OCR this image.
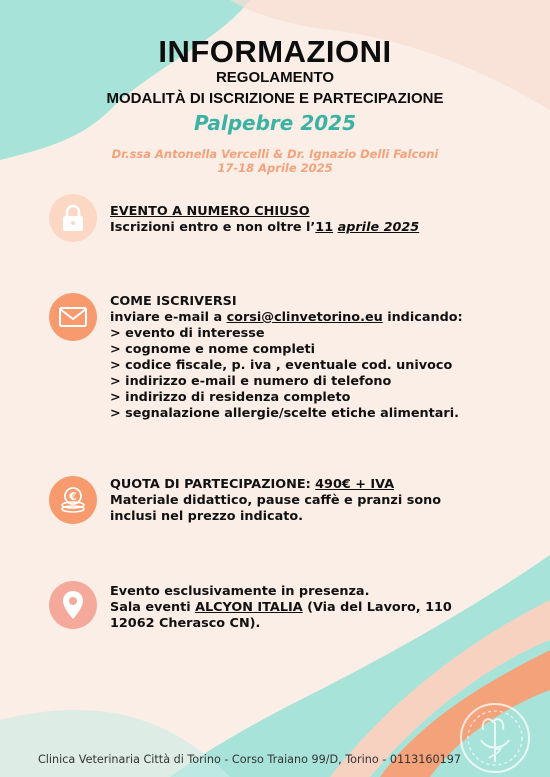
INFORMAZIONI
REGOLAMENTO
MODALITÀ DI ISCRIZIONE E PARTECIPAZIONE
Palpebre 2025
Dr.ssa Antonella Vercelli & Dr. Ignazio Delli Falconi
17-18 Aprile 2025
EVENTO A NUMERO CHIUSO
Iscrizioni entro e non oltre l’11 aprile 2025
COME ISCRIVERSI
inviare e-mail a corsi@clinvetorino.eu indicando:
> evento di interesse
> cognome e nome completi
> codice fiscale, p. iva , eventuale cod. univoco
> indirizzo e-mail e numero di telefono
> indirizzo di residenza completo
> segnalazione allergie/scelte etiche alimentari.
€
QUOTA DI PARTECIPAZIONE: 490€ + IVA
Materiale didattico, pause caffè e pranzi sono
inclusi nel prezzo indicato.
Evento esclusivamente in presenza.
Sala eventi ALCYON ITALIA (Via del Lavoro, 110
12062 Cherasco CN).
Clinica Veterinaria Città di Torino - Corso Traiano 99/D, Torino - 0113160197
